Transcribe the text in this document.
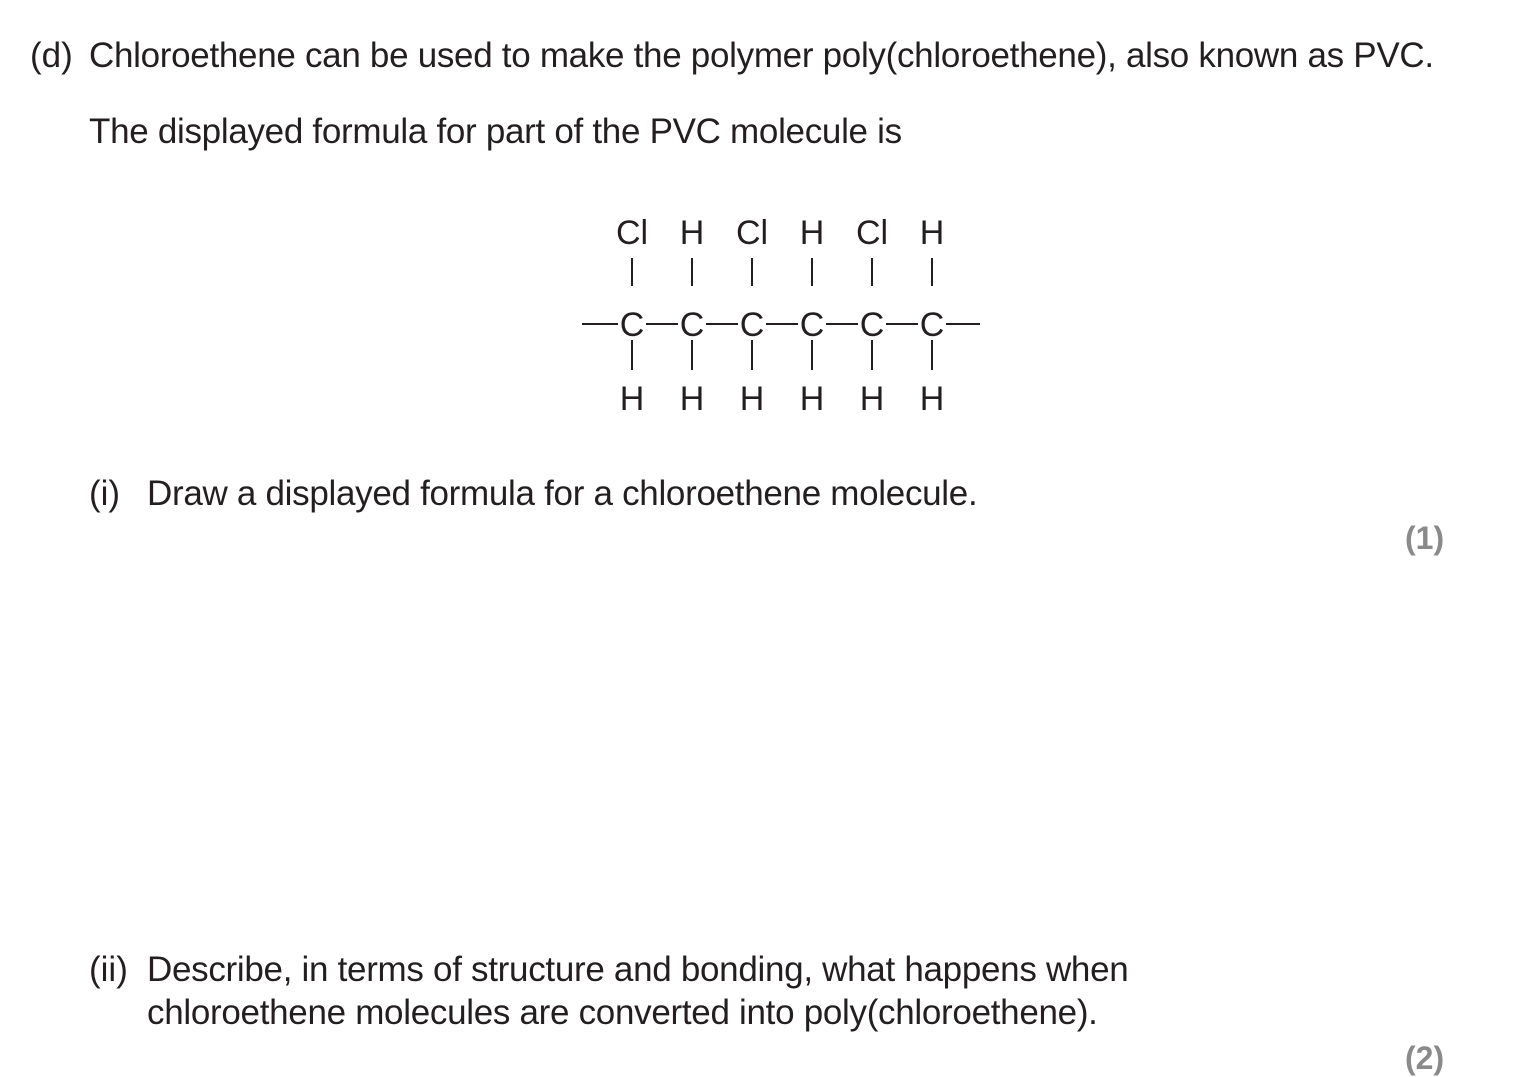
(d) Chloroethene can be used to make the polymer poly(chloroethene), also known as PVC.
The displayed formula for part of the PVC molecule is
Cl H Cl H Cl H
C C C C C C
H H H H H H
(i) Draw a displayed formula for a chloroethene molecule.
(1)
(ii) Describe, in terms of structure and bonding, what happens when
chloroethene molecules are converted into poly(chloroethene).
(2)
